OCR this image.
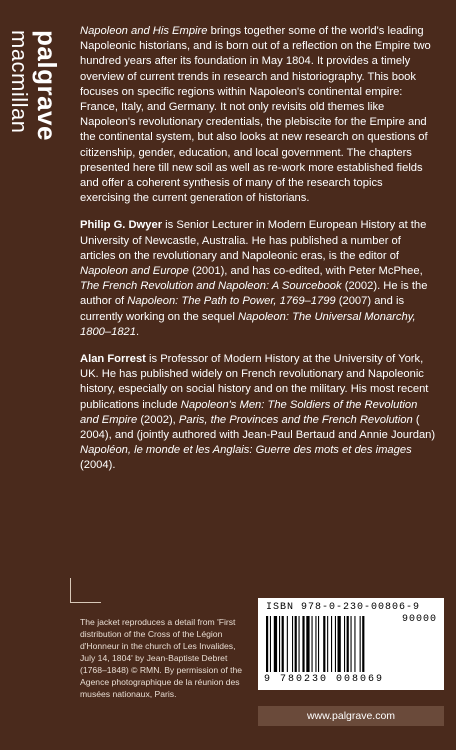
palgrave
macmillan	Napoleon and His Empire brings together some of the world's leading Napoleonic historians, and is born out of a reflection on the Empire two hundred years after its foundation in May 1804. It provides a timely overview of current trends in research and historiography. This book focuses on specific regions within Napoleon's continental empire: France, Italy, and Germany. It not only revisits old themes like Napoleon's revolutionary credentials, the plebiscite for the Empire and the continental system, but also looks at new research on questions of citizenship, gender, education, and local government. The chapters presented here till new soil as well as re-work more established fields and offer a coherent synthesis of many of the research topics exercising the current generation of historians.

Philip G. Dwyer is Senior Lecturer in Modern European History at the University of Newcastle, Australia. He has published a number of articles on the revolutionary and Napoleonic eras, is the editor of Napoleon and Europe (2001), and has co-edited, with Peter McPhee, The French Revolution and Napoleon: A Sourcebook (2002). He is the author of Napoleon: The Path to Power, 1769–1799 (2007) and is currently working on the sequel Napoleon: The Universal Monarchy, 1800–1821.

Alan Forrest is Professor of Modern History at the University of York, UK. He has published widely on French revolutionary and Napoleonic history, especially on social history and on the military. His most recent publications include Napoleon's Men: The Soldiers of the Revolution and Empire (2002), Paris, the Provinces and the French Revolution ( 2004), and (jointly authored with Jean-Paul Bertaud and Annie Jourdan) Napoléon, le monde et les Anglais: Guerre des mots et des images (2004).

The jacket reproduces a detail from 'First distribution of the Cross of the Légion d'Honneur in the church of Les Invalides, July 14, 1804' by Jean-Baptiste Debret (1768–1848) © RMN. By permission of the Agence photographique de la réunion des musées nationaux, Paris.
ISBN 978-0-230-00806-9
90000
9 780230 008069
www.palgrave.com
